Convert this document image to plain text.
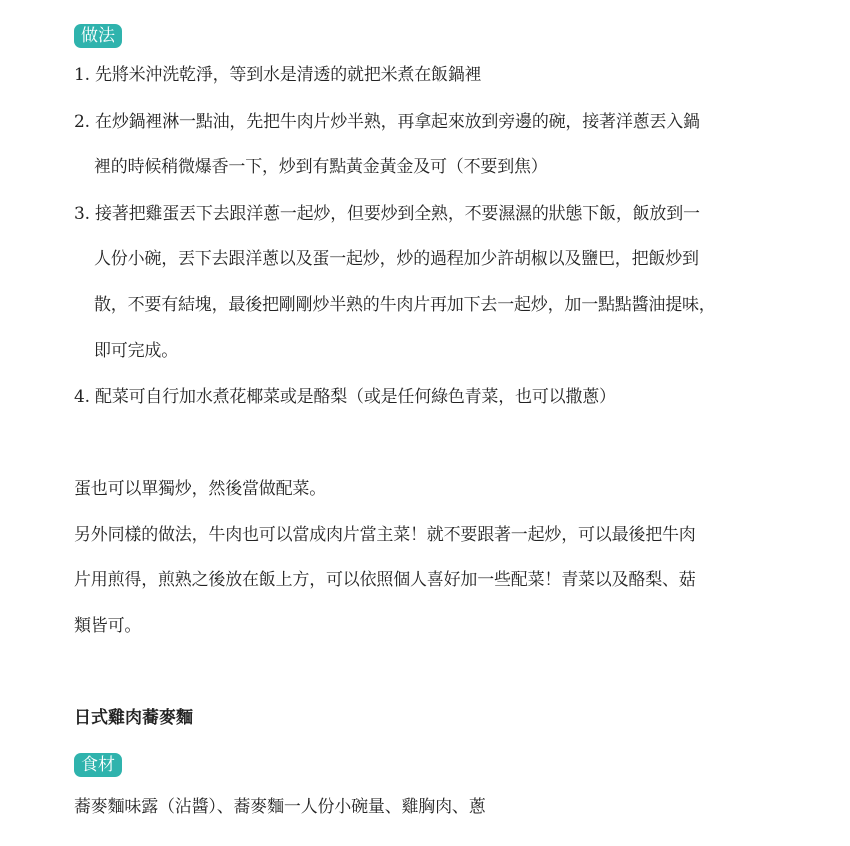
做法
1. 先將米沖洗乾淨，等到水是清透的就把米煮在飯鍋裡
2. 在炒鍋裡淋一點油，先把牛肉片炒半熟，再拿起來放到旁邊的碗，接著洋蔥丟入鍋
裡的時候稍微爆香一下，炒到有點黃金黃金及可（不要到焦）
3. 接著把雞蛋丟下去跟洋蔥一起炒，但要炒到全熟，不要濕濕的狀態下飯，飯放到一
人份小碗，丟下去跟洋蔥以及蛋一起炒，炒的過程加少許胡椒以及鹽巴，把飯炒到
散，不要有結塊，最後把剛剛炒半熟的牛肉片再加下去一起炒，加一點點醬油提味，
即可完成。
4. 配菜可自行加水煮花椰菜或是酪梨（或是任何綠色青菜，也可以撒蔥）
蛋也可以單獨炒，然後當做配菜。
另外同樣的做法，牛肉也可以當成肉片當主菜！就不要跟著一起炒，可以最後把牛肉
片用煎得，煎熟之後放在飯上方，可以依照個人喜好加一些配菜！青菜以及酪梨、菇
類皆可。
日式雞肉蕎麥麵
食材
蕎麥麵味露（沾醬）、蕎麥麵一人份小碗量、雞胸肉、蔥
